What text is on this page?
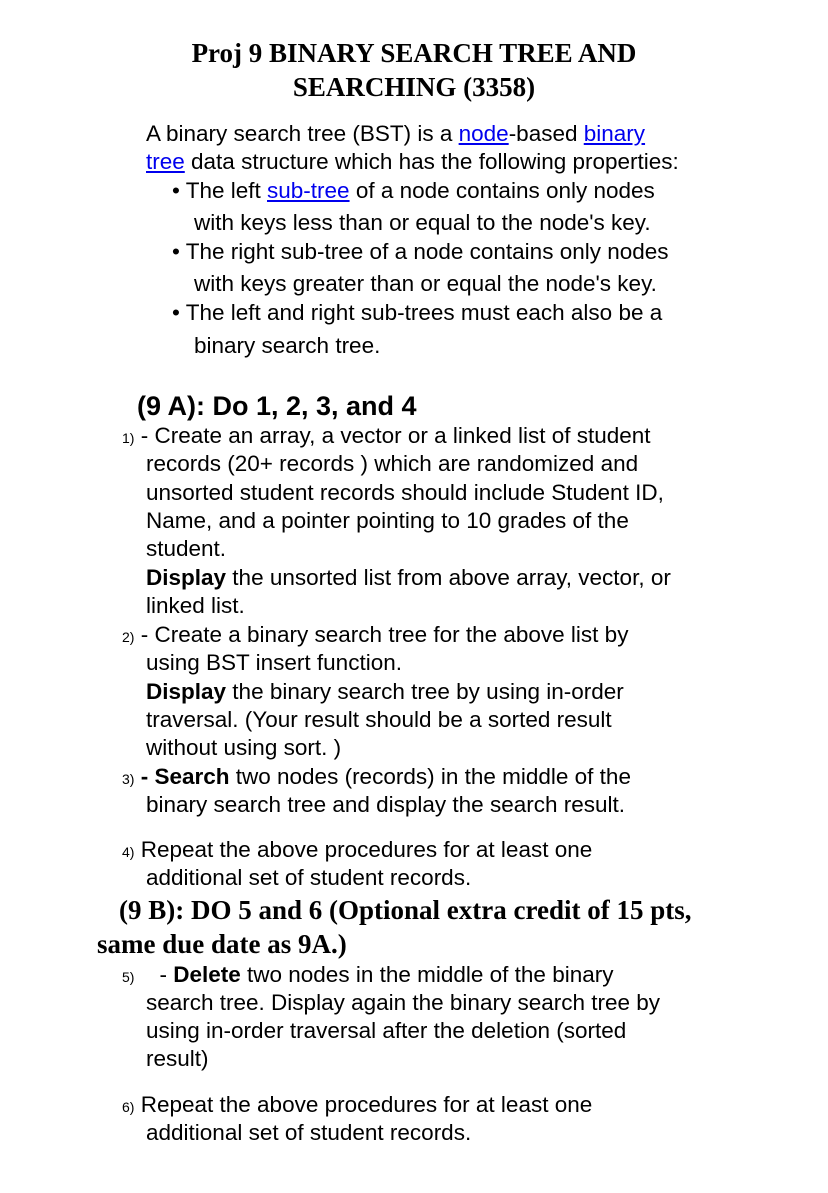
Proj 9 BINARY SEARCH TREE AND
SEARCHING (3358)
A binary search tree (BST) is a node-based binary
tree data structure which has the following properties:
• The left sub-tree of a node contains only nodes
with keys less than or equal to the node's key.
• The right sub-tree of a node contains only nodes
with keys greater than or equal the node's key.
• The left and right sub-trees must each also be a
binary search tree.
(9 A): Do 1, 2, 3, and 4
1) - Create an array, a vector or a linked list of student
records (20+ records ) which are randomized and
unsorted student records should include Student ID,
Name, and a pointer pointing to 10 grades of the
student.
Display the unsorted list from above array, vector, or
linked list.
2) - Create a binary search tree for the above list by
using BST insert function.
Display the binary search tree by using in-order
traversal. (Your result should be a sorted result
without using sort. )
3) - Search two nodes (records) in the middle of the
binary search tree and display the search result.
4) Repeat the above procedures for at least one
additional set of student records.
(9 B): DO 5 and 6 (Optional extra credit of 15 pts,
same due date as 9A.)
5)    - Delete two nodes in the middle of the binary
search tree. Display again the binary search tree by
using in-order traversal after the deletion (sorted
result)
6) Repeat the above procedures for at least one
additional set of student records.
